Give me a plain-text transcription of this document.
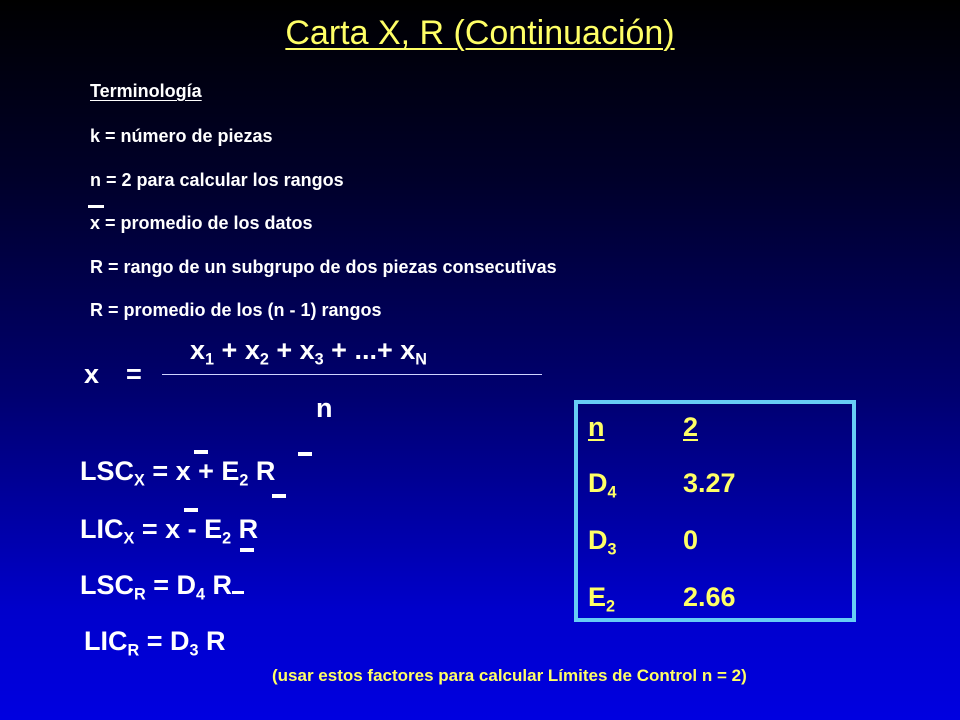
Carta X, R (Continuación)
Terminología
k = número de piezas
n = 2 para calcular los rangos
x = promedio de los datos
R = rango de un subgrupo de dos piezas consecutivas
R = promedio de los (n - 1) rangos
$x_1 + x_2 + x_3$ + ...+ $x_N$
x =
n
$LSC_X = x + E_2$ R
$LIC_X = x - E_2$ R
$LSC_R = D_4$ R
$LIC_R = D_3$ R
n	2
$D_4$ 3.27
$D_3$ 0
$E_2$	2.66
(usar estos factores para calcular Límites de Control n = 2)
